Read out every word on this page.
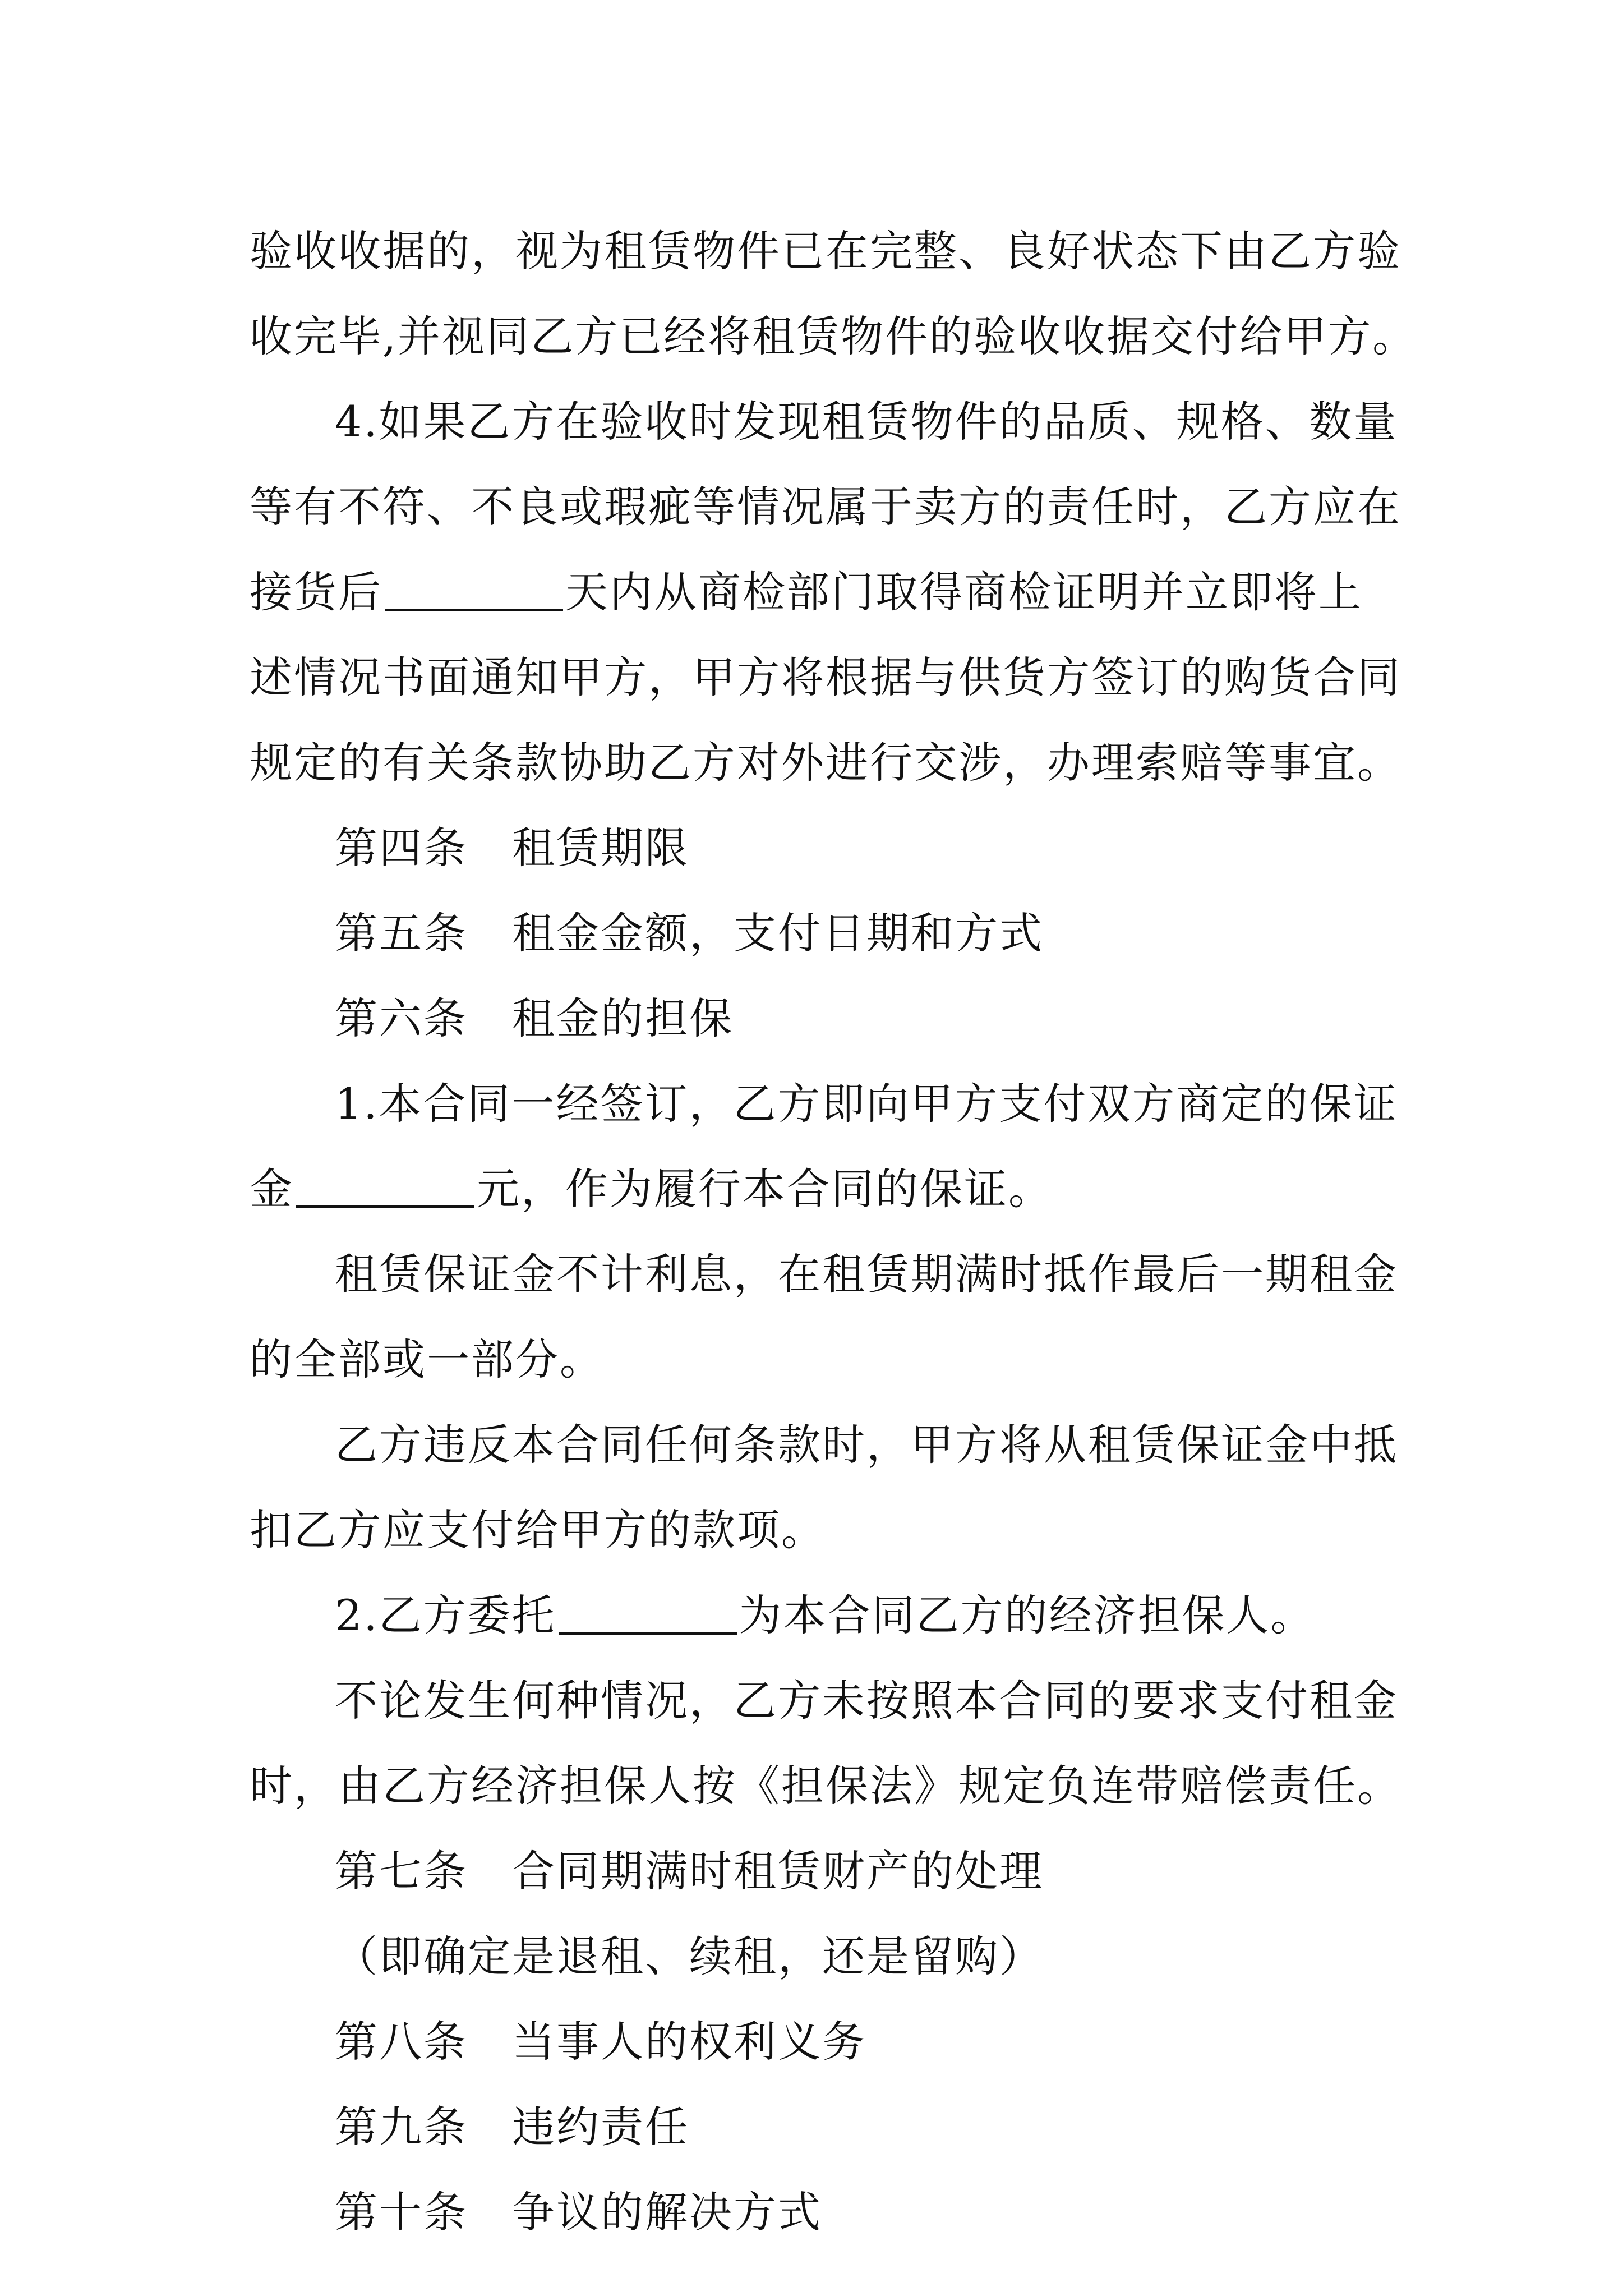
验收收据的，视为租赁物件已在完整、良好状态下由乙方验
收完毕,并视同乙方已经将租赁物件的验收收据交付给甲方。
4.如果乙方在验收时发现租赁物件的品质、规格、数量
等有不符、不良或瑕疵等情况属于卖方的责任时，乙方应在
接货后	天内从商检部门取得商检证明并立即将上
述情况书面通知甲方，甲方将根据与供货方签订的购货合同
规定的有关条款协助乙方对外进行交涉，办理索赔等事宜。
第四条　租赁期限
第五条　租金金额，支付日期和方式
第六条　租金的担保
1.本合同一经签订，乙方即向甲方支付双方商定的保证
金	元，作为履行本合同的保证。
租赁保证金不计利息，在租赁期满时抵作最后一期租金
的全部或一部分。
乙方违反本合同任何条款时，甲方将从租赁保证金中抵
扣乙方应支付给甲方的款项。
2.乙方委托	为本合同乙方的经济担保人。
不论发生何种情况，乙方未按照本合同的要求支付租金
时，由乙方经济担保人按《担保法》规定负连带赔偿责任。
第七条　合同期满时租赁财产的处理
（即确定是退租、续租，还是留购）
第八条　当事人的权利义务
第九条　违约责任
第十条　争议的解决方式
